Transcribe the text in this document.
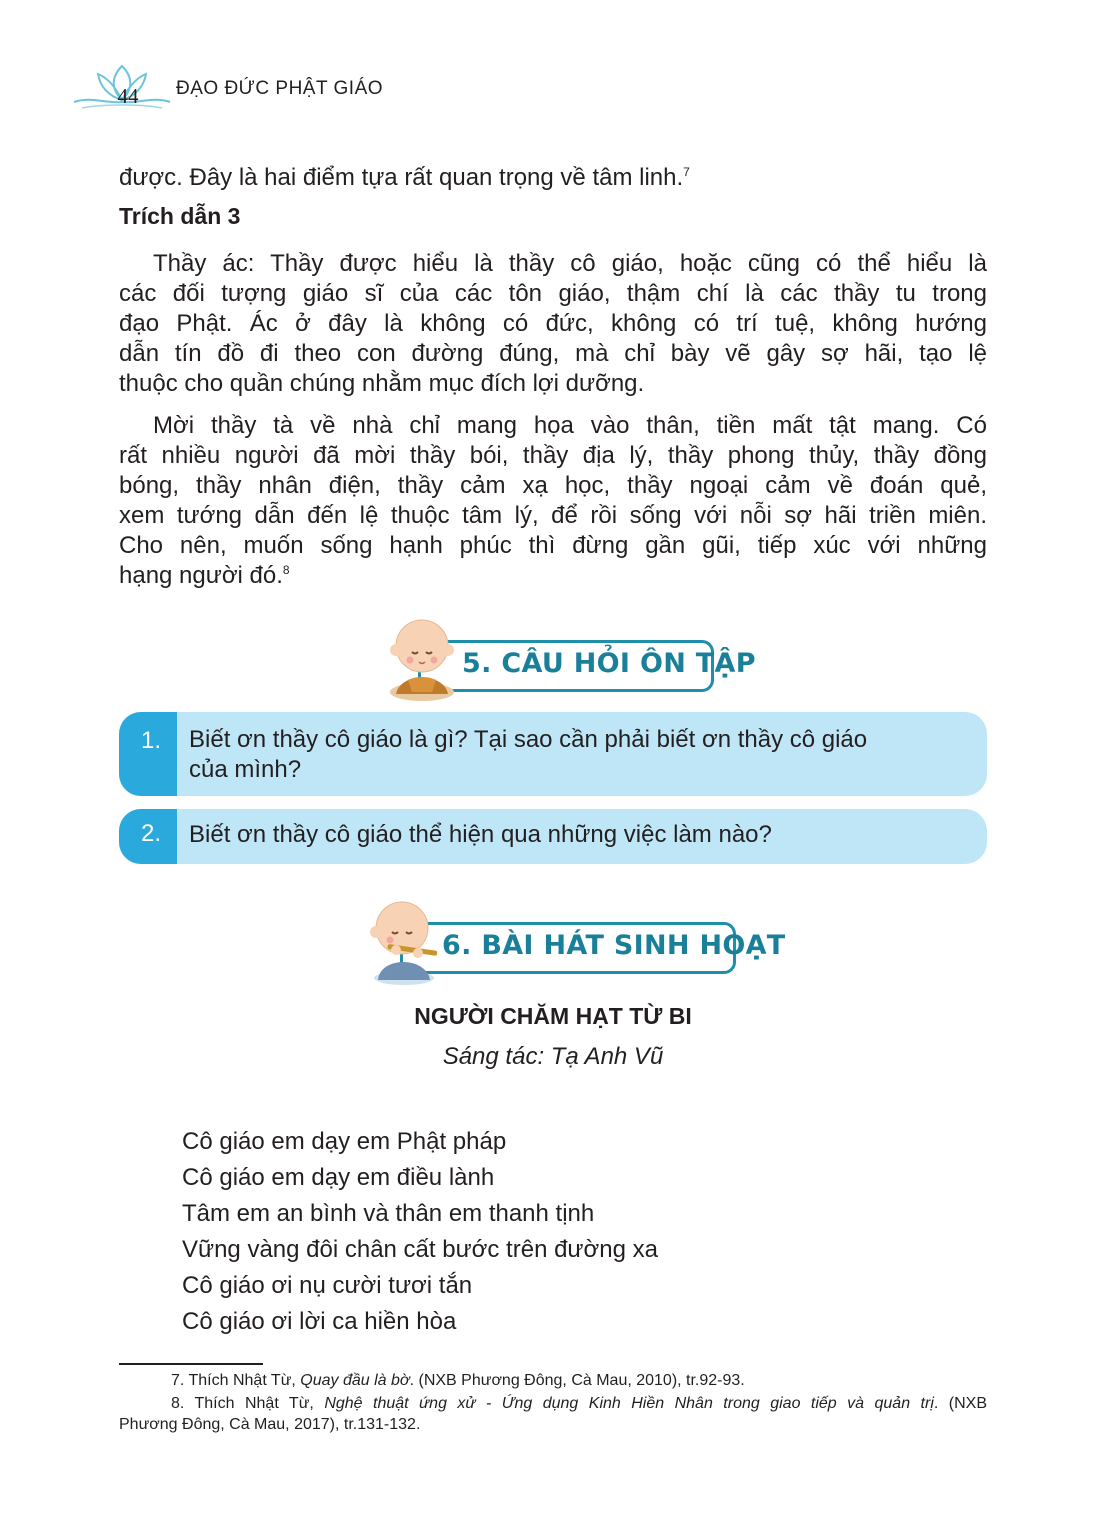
44	ĐẠO ĐỨC PHẬT GIÁO

được. Đây là hai điểm tựa rất quan trọng về tâm linh.$^7$

Trích dẫn 3

Thầy ác: Thầy được hiểu là thầy cô giáo, hoặc cũng có thể hiểu là

các đối tượng giáo sĩ của các tôn giáo, thậm chí là các thầy tu trong

đạo Phật. Ác ở đây là không có đức, không có trí tuệ, không hướng

dẫn tín đồ đi theo con đường đúng, mà chỉ bày vẽ gây sợ hãi, tạo lệ

thuộc cho quần chúng nhằm mục đích lợi dưỡng.

Mời thầy tà về nhà chỉ mang họa vào thân, tiền mất tật mang. Có

rất nhiều người đã mời thầy bói, thầy địa lý, thầy phong thủy, thầy đồng

bóng, thầy nhân điện, thầy cảm xạ học, thầy ngoại cảm về đoán quẻ,

xem tướng dẫn đến lệ thuộc tâm lý, để rồi sống với nỗi sợ hãi triền miên.

Cho nên, muốn sống hạnh phúc thì đừng gần gũi, tiếp xúc với những

hạng người đó.$^8$

5. CÂU HỎI ÔN TẬP
1. Biết ơn thầy cô giáo là gì? Tại sao cần phải biết ơn thầy cô giáo
của mình?
2. Biết ơn thầy cô giáo thể hiện qua những việc làm nào?
6. BÀI HÁT SINH HOẠT

NGƯỜI CHĂM HẠT TỪ BI

Sáng tác: Tạ Anh Vũ

Cô giáo em dạy em Phật pháp

Cô giáo em dạy em điều lành

Tâm em an bình và thân em thanh tịnh

Vững vàng đôi chân cất bước trên đường xa

Cô giáo ơi nụ cười tươi tắn

Cô giáo ơi lời ca hiền hòa

7. Thích Nhật Từ, Quay đầu là bờ. (NXB Phương Đông, Cà Mau, 2010), tr.92-93.

8. Thích Nhật Từ, Nghệ thuật ứng xử - Ứng dụng Kinh Hiền Nhân trong giao tiếp và quản trị. (NXB

Phương Đông, Cà Mau, 2017), tr.131-132.
